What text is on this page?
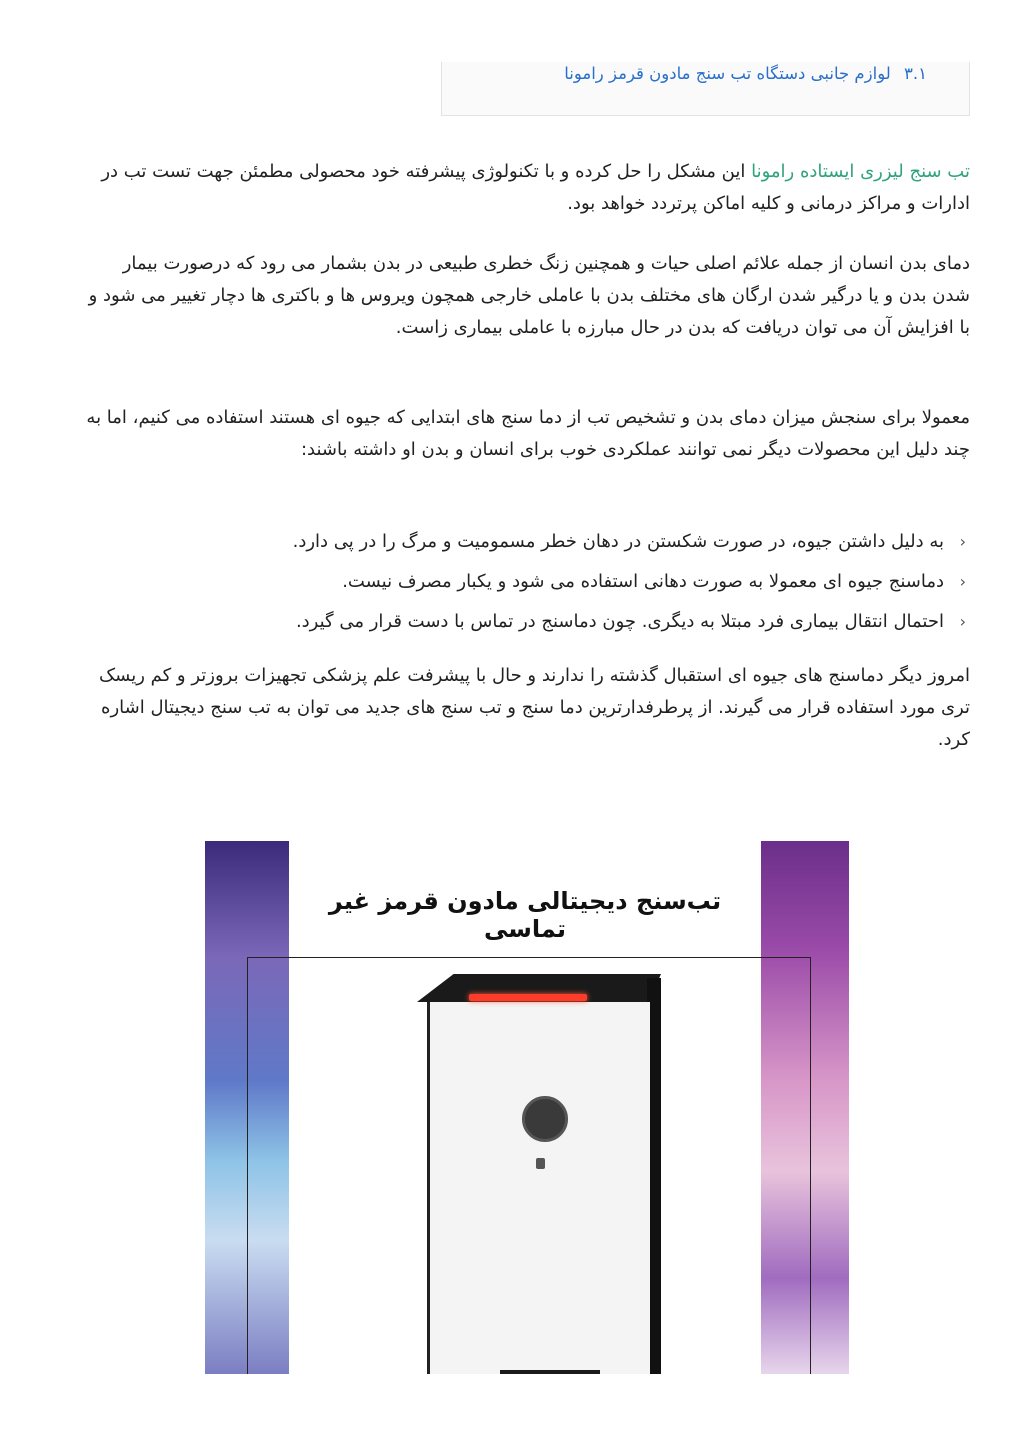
۳.۱ لوازم جانبی دستگاه تب سنج مادون قرمز رامونا
تب سنج لیزری ایستاده رامونا این مشکل را حل کرده و با تکنولوژی پیشرفته خود محصولی مطمئن جهت تست تب در ادارات و مراکز درمانی و کلیه اماکن پرتردد خواهد بود.

دمای بدن انسان از جمله علائم اصلی حیات و همچنین زنگ خطری طبیعی در بدن بشمار می رود که درصورت بیمار شدن بدن و یا درگیر شدن ارگان های مختلف بدن با عاملی خارجی همچون ویروس ها و باکتری ها دچار تغییر می شود و با افزایش آن می توان دریافت که بدن در حال مبارزه با عاملی بیماری زاست.

معمولا برای سنجش میزان دمای بدن و تشخیص تب از دما سنج های ابتدایی که جیوه ای هستند استفاده می کنیم، اما به چند دلیل این محصولات دیگر نمی توانند عملکردی خوب برای انسان و بدن او داشته باشند:

‹
به دلیل داشتن جیوه، در صورت شکستن در دهان خطر مسمومیت و مرگ را در پی دارد.
‹
دماسنج جیوه ای معمولا به صورت دهانی استفاده می شود و یکبار مصرف نیست.
‹
احتمال انتقال بیماری فرد مبتلا به دیگری. چون دماسنج در تماس با دست قرار می گیرد.

امروز دیگر دماسنج های جیوه ای استقبال گذشته را ندارند و حال با پیشرفت علم پزشکی تجهیزات بروزتر و کم ریسک تری مورد استفاده قرار می گیرند. از پرطرفدارترین دما سنج و تب سنج های جدید می توان به تب سنج دیجیتال اشاره کرد.

تب‌سنج دیجیتالی مادون قرمز غیر تماسی
